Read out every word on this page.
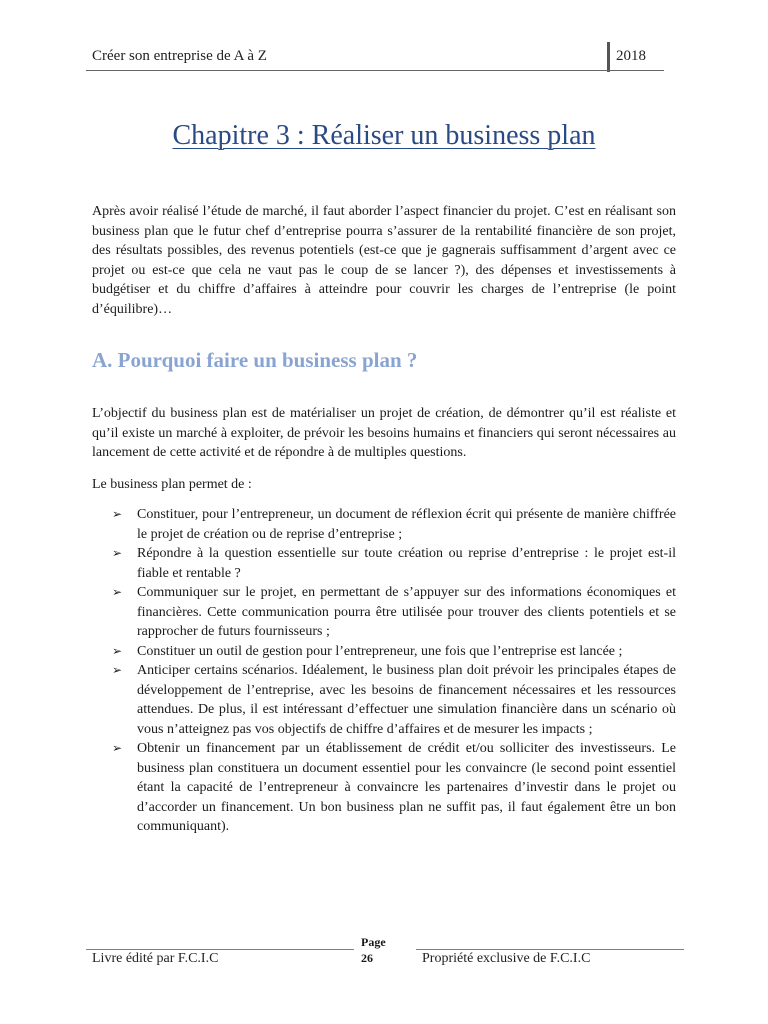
Créer son entreprise de A à Z	2018
Chapitre 3 : Réaliser un business plan

Après avoir réalisé l’étude de marché, il faut aborder l’aspect financier du projet. C’est en réalisant son business plan que le futur chef d’entreprise pourra s’assurer de la rentabilité financière de son projet, des résultats possibles, des revenus potentiels (est-ce que je gagnerais suffisamment d’argent avec ce projet ou est-ce que cela ne vaut pas le coup de se lancer ?), des dépenses et investissements à budgétiser et du chiffre d’affaires à atteindre pour couvrir les charges de l’entreprise (le point d’équilibre)…

A. Pourquoi faire un business plan ?

L’objectif du business plan est de matérialiser un projet de création, de démontrer qu’il est réaliste et qu’il existe un marché à exploiter, de prévoir les besoins humains et financiers qui seront nécessaires au lancement de cette activité et de répondre à de multiples questions.

Le business plan permet de :

➢ Constituer, pour l’entrepreneur, un document de réflexion écrit qui présente de manière chiffrée le projet de création ou de reprise d’entreprise ;
➢ Répondre à la question essentielle sur toute création ou reprise d’entreprise : le projet est-il fiable et rentable ?
➢ Communiquer sur le projet, en permettant de s’appuyer sur des informations économiques et financières. Cette communication pourra être utilisée pour trouver des clients potentiels et se rapprocher de futurs fournisseurs ;
➢ Constituer un outil de gestion pour l’entrepreneur, une fois que l’entreprise est lancée ;
➢ Anticiper certains scénarios. Idéalement, le business plan doit prévoir les principales étapes de développement de l’entreprise, avec les besoins de financement nécessaires et les ressources attendues. De plus, il est intéressant d’effectuer une simulation financière dans un scénario où vous n’atteignez pas vos objectifs de chiffre d’affaires et de mesurer les impacts ;
➢ Obtenir un financement par un établissement de crédit et/ou solliciter des investisseurs. Le business plan constituera un document essentiel pour les convaincre (le second point essentiel étant la capacité de l’entrepreneur à convaincre les partenaires d’investir dans le projet ou d’accorder un financement. Un bon business plan ne suffit pas, il faut également être un bon communiquant).
Livre édité par F.C.I.C
Page
26	Propriété exclusive de F.C.I.C
